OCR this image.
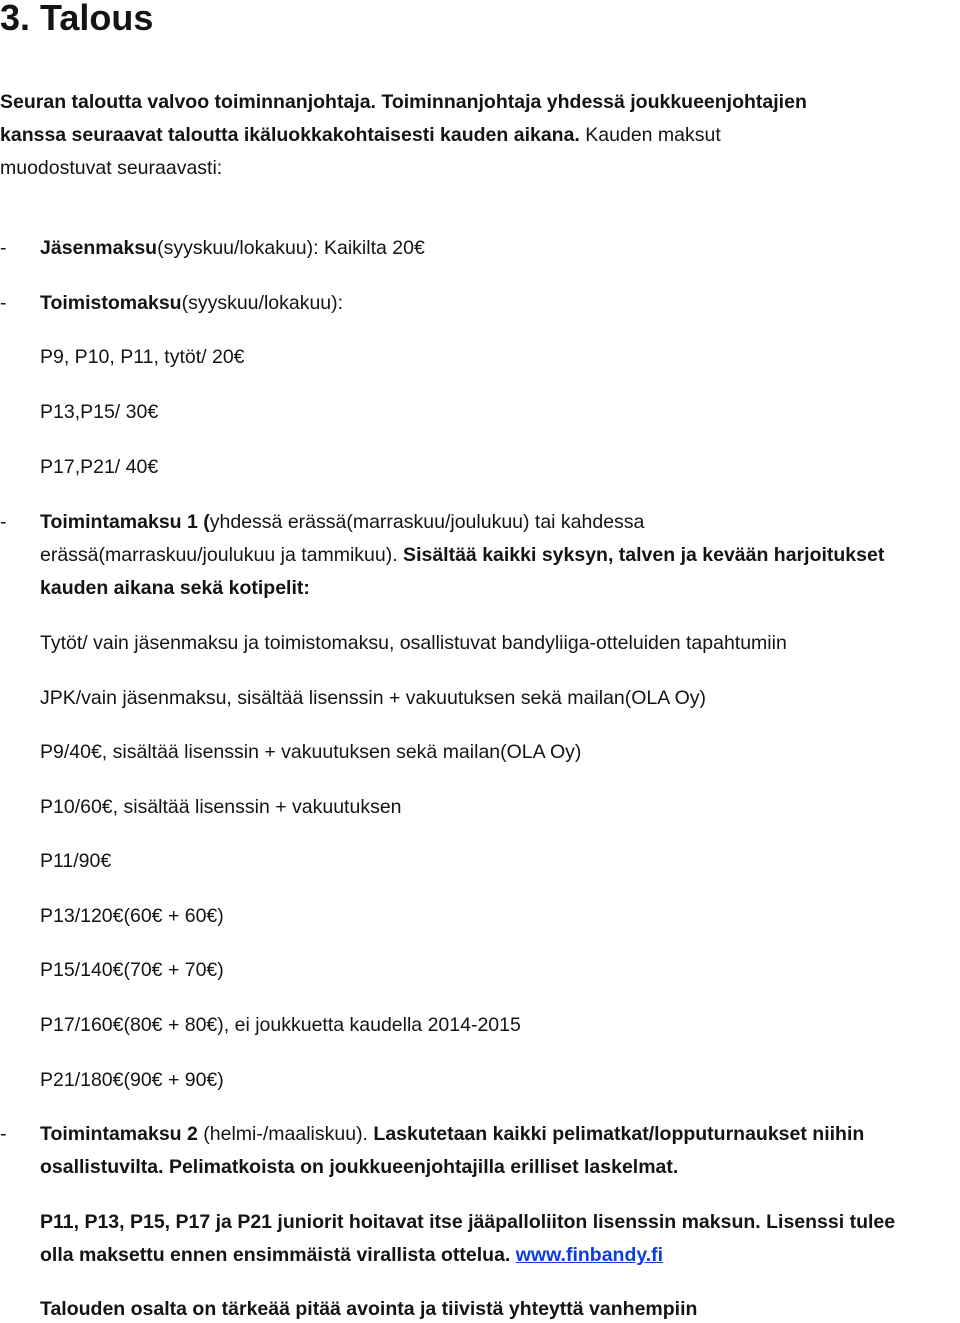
3. Talous
Seuran taloutta valvoo toiminnanjohtaja. Toiminnanjohtaja yhdessä joukkueenjohtajien
kanssa seuraavat taloutta ikäluokkakohtaisesti kauden aikana. Kauden maksut
muodostuvat seuraavasti:
- Jäsenmaksu(syyskuu/lokakuu): Kaikilta 20€
- Toimistomaksu(syyskuu/lokakuu):
P9, P10, P11, tytöt/ 20€
P13,P15/ 30€
P17,P21/ 40€
- Toimintamaksu 1 (yhdessä erässä(marraskuu/joulukuu) tai kahdessa
erässä(marraskuu/joulukuu ja tammikuu). Sisältää kaikki syksyn, talven ja kevään harjoitukset
kauden aikana sekä kotipelit:
Tytöt/ vain jäsenmaksu ja toimistomaksu, osallistuvat bandyliiga-otteluiden tapahtumiin
JPK/vain jäsenmaksu, sisältää lisenssin + vakuutuksen sekä mailan(OLA Oy)
P9/40€, sisältää lisenssin + vakuutuksen sekä mailan(OLA Oy)
P10/60€, sisältää lisenssin + vakuutuksen
P11/90€
P13/120€(60€ + 60€)
P15/140€(70€ + 70€)
P17/160€(80€ + 80€), ei joukkuetta kaudella 2014-2015
P21/180€(90€ + 90€)
- Toimintamaksu 2 (helmi-/maaliskuu). Laskutetaan kaikki pelimatkat/lopputurnaukset niihin
osallistuvilta. Pelimatkoista on joukkueenjohtajilla erilliset laskelmat.
P11, P13, P15, P17 ja P21 juniorit hoitavat itse jääpalloliiton lisenssin maksun. Lisenssi tulee
olla maksettu ennen ensimmäistä virallista ottelua. www.finbandy.fi
Talouden osalta on tärkeää pitää avointa ja tiivistä yhteyttä vanhempiin
